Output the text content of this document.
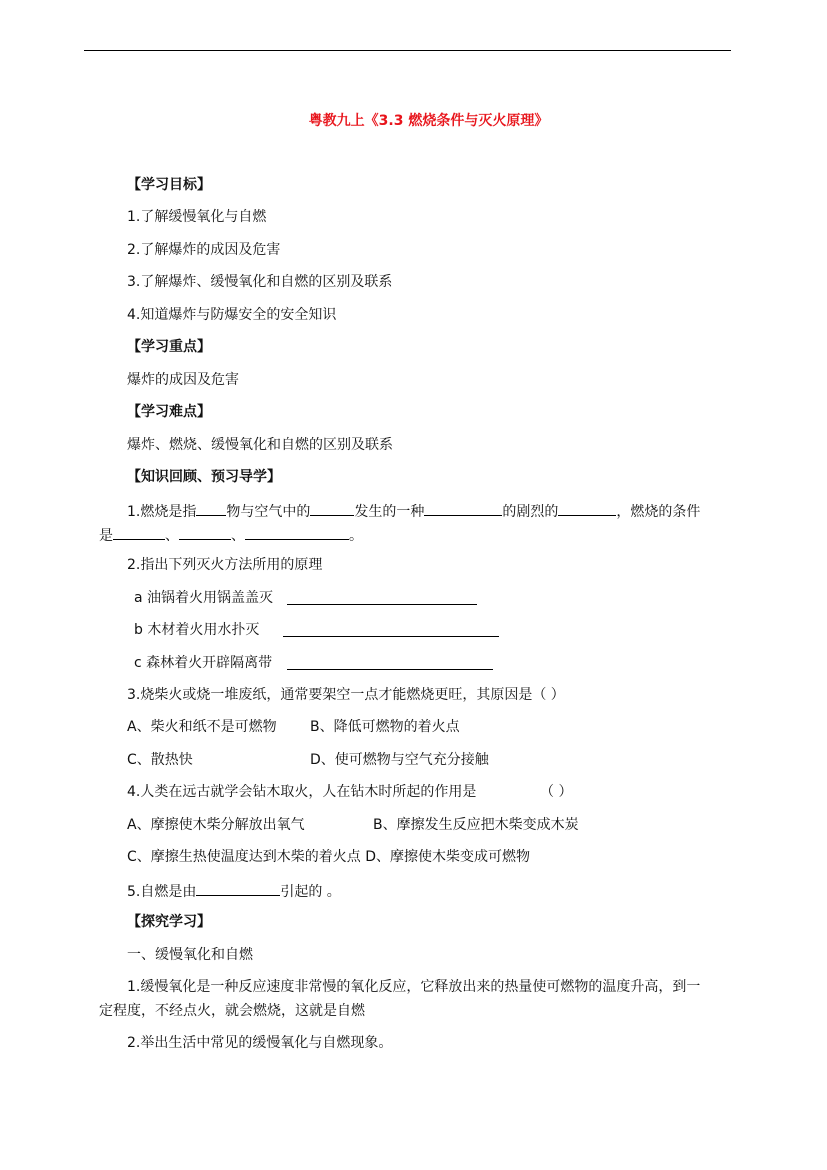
粤教九上《3.3 燃烧条件与灭火原理》
【学习目标】
1.了解缓慢氧化与自燃
2.了解爆炸的成因及危害
3.了解爆炸、缓慢氧化和自燃的区别及联系
4.知道爆炸与防爆安全的安全知识
【学习重点】
爆炸的成因及危害
【学习难点】
爆炸、燃烧、缓慢氧化和自燃的区别及联系
【知识回顾、预习导学】
1.燃烧是指 物与空气中的	发生的一种	的剧烈的	，燃烧的条件
是	、	、	。
2.指出下列灭火方法所用的原理
a 油锅着火用锅盖盖灭
b 木材着火用水扑灭
c 森林着火开辟隔离带
3.烧柴火或烧一堆废纸，通常要架空一点才能燃烧更旺，其原因是（ ）
A、柴火和纸不是可燃物 B、降低可燃物的着火点
C、散热快	D、使可燃物与空气充分接触
4.人类在远古就学会钻木取火，人在钻木时所起的作用是	（ ）
A、摩擦使木柴分解放出氧气	B、摩擦发生反应把木柴变成木炭
C、摩擦生热使温度达到木柴的着火点 D、摩擦使木柴变成可燃物
5.自燃是由	引起的 。
【探究学习】
一、缓慢氧化和自燃
1.缓慢氧化是一种反应速度非常慢的氧化反应，它释放出来的热量使可燃物的温度升高，到一
定程度，不经点火，就会燃烧，这就是自燃
2.举出生活中常见的缓慢氧化与自燃现象。
